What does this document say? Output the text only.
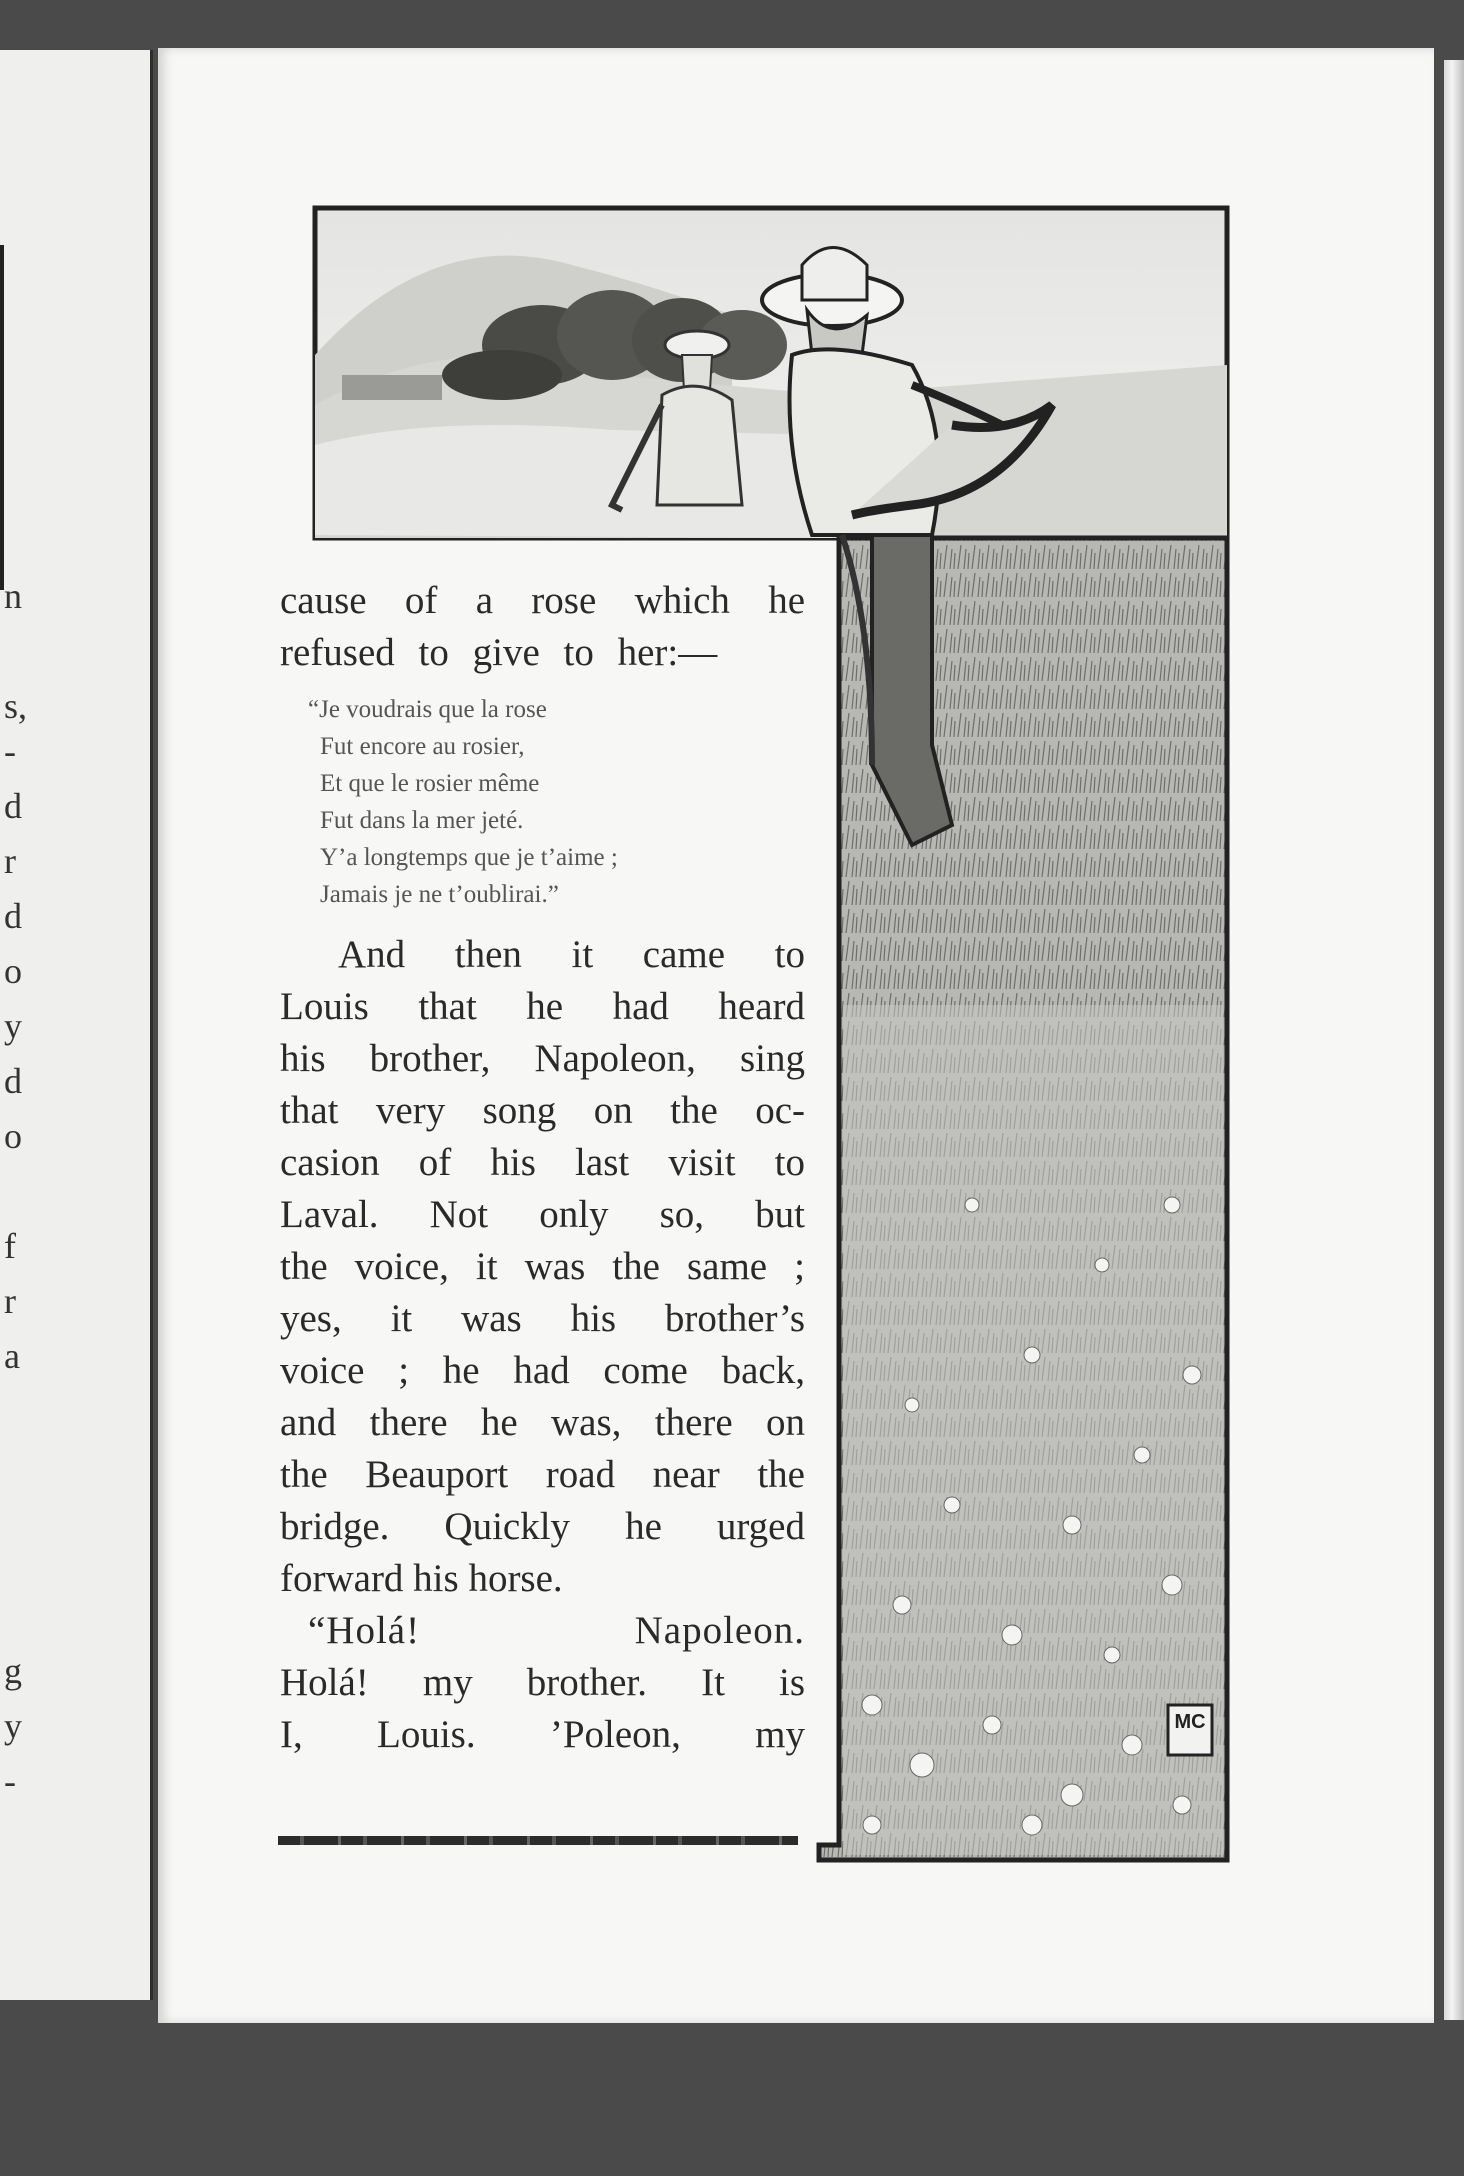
n
s,
-
d
r
d
o
y
d
o
f
r
a
g
y
-
MC

cause of a rose which he
refused to give to her:—

“Je voudrais que la rose
Fut encore au rosier,
Et que le rosier même
Fut dans la mer jeté.
Y’a longtemps que je t’aime ;
Jamais je ne t’oublirai.”

And then it came to
Louis that he had heard
his brother, Napoleon, sing
that very song on the oc-
casion of his last visit to
Laval. Not only so, but
the voice, it was the same ;
yes, it was his brother’s
voice ; he had come back,
and there he was, there on
the Beauport road near the
bridge. Quickly he urged
forward his horse.

“Holá! Napoleon.
Holá! my brother. It is
I, Louis. ’Poleon, my
